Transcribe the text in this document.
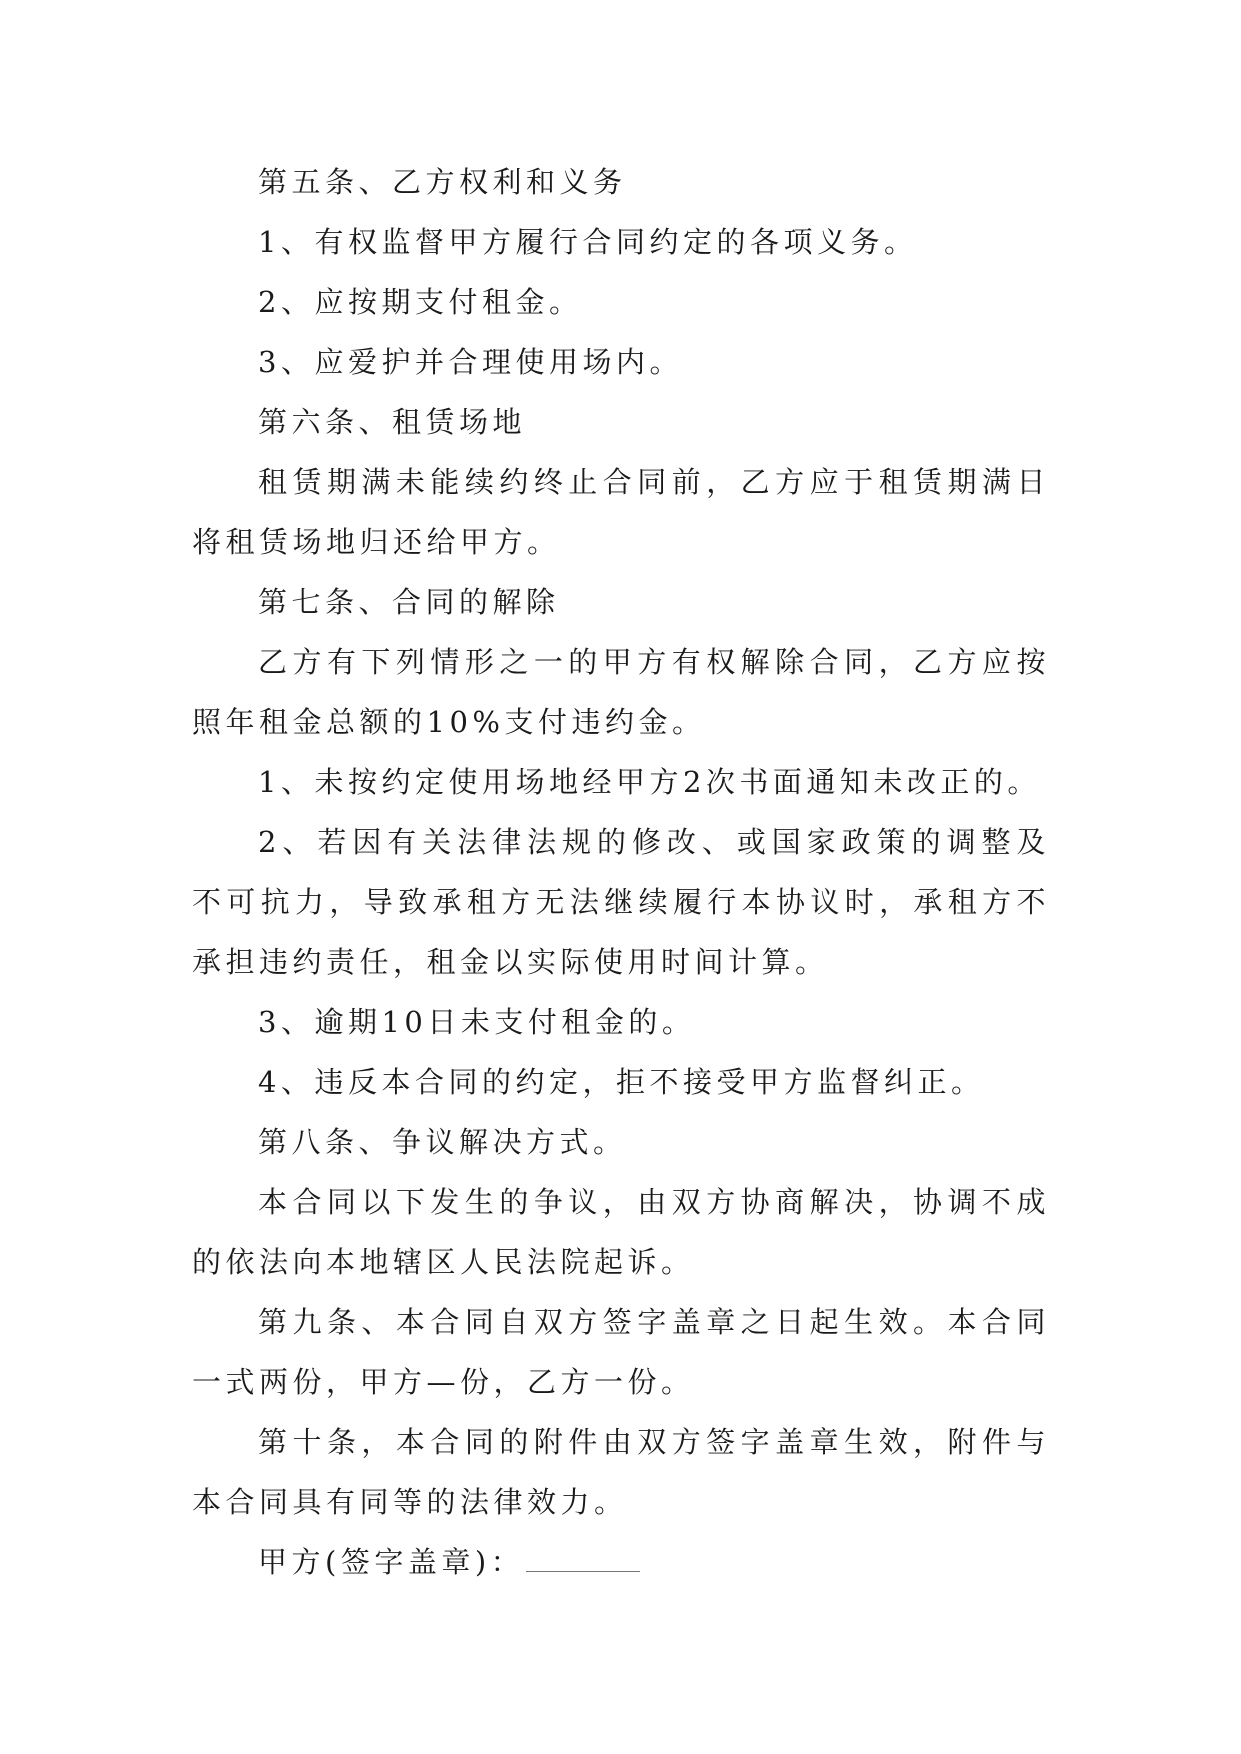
第五条、乙方权利和义务

1、有权监督甲方履行合同约定的各项义务。

2、应按期支付租金。

3、应爱护并合理使用场内。

第六条、租赁场地

租赁期满未能续约终止合同前，乙方应于租赁期满日将租赁场地归还给甲方。

第七条、合同的解除

乙方有下列情形之一的甲方有权解除合同，乙方应按照年租金总额的10%支付违约金。

1、未按约定使用场地经甲方2次书面通知未改正的。

2、若因有关法律法规的修改、或国家政策的调整及不可抗力，导致承租方无法继续履行本协议时，承租方不承担违约责任，租金以实际使用时间计算。

3、逾期10日未支付租金的。

4、违反本合同的约定，拒不接受甲方监督纠正。

第八条、争议解决方式。

本合同以下发生的争议，由双方协商解决，协调不成的依法向本地辖区人民法院起诉。

第九条、本合同自双方签字盖章之日起生效。本合同一式两份，甲方—份，乙方一份。

第十条，本合同的附件由双方签字盖章生效，附件与本合同具有同等的法律效力。

甲方(签字盖章)：
